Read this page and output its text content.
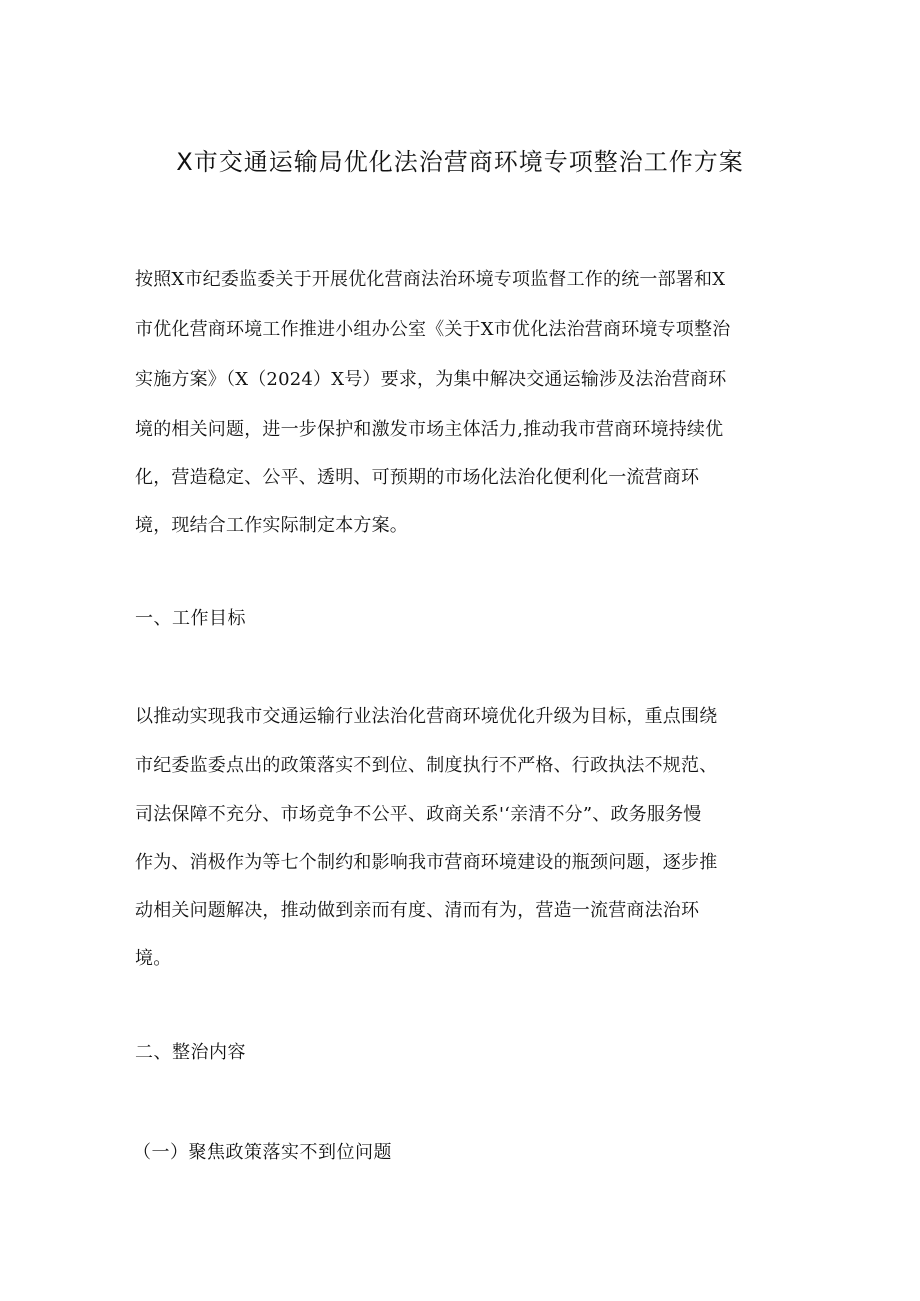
X市交通运输局优化法治营商环境专项整治工作方案
按照X市纪委监委关于开展优化营商法治环境专项监督工作的统一部署和X
市优化营商环境工作推进小组办公室《关于X市优化法治营商环境专项整治
实施方案》（X（2024）X号）要求，为集中解决交通运输涉及法治营商环
境的相关问题，进一步保护和激发市场主体活力,推动我市营商环境持续优
化，营造稳定、公平、透明、可预期的市场化法治化便利化一流营商环
境，现结合工作实际制定本方案。
一、工作目标
以推动实现我市交通运输行业法治化营商环境优化升级为目标，重点围绕
市纪委监委点出的政策落实不到位、制度执行不严格、行政执法不规范、
司法保障不充分、市场竞争不公平、政商关系'‘亲清不分”、政务服务慢
作为、消极作为等七个制约和影响我市营商环境建设的瓶颈问题，逐步推
动相关问题解决，推动做到亲而有度、清而有为，营造一流营商法治环
境。
二、整治内容
（一）聚焦政策落实不到位问题
